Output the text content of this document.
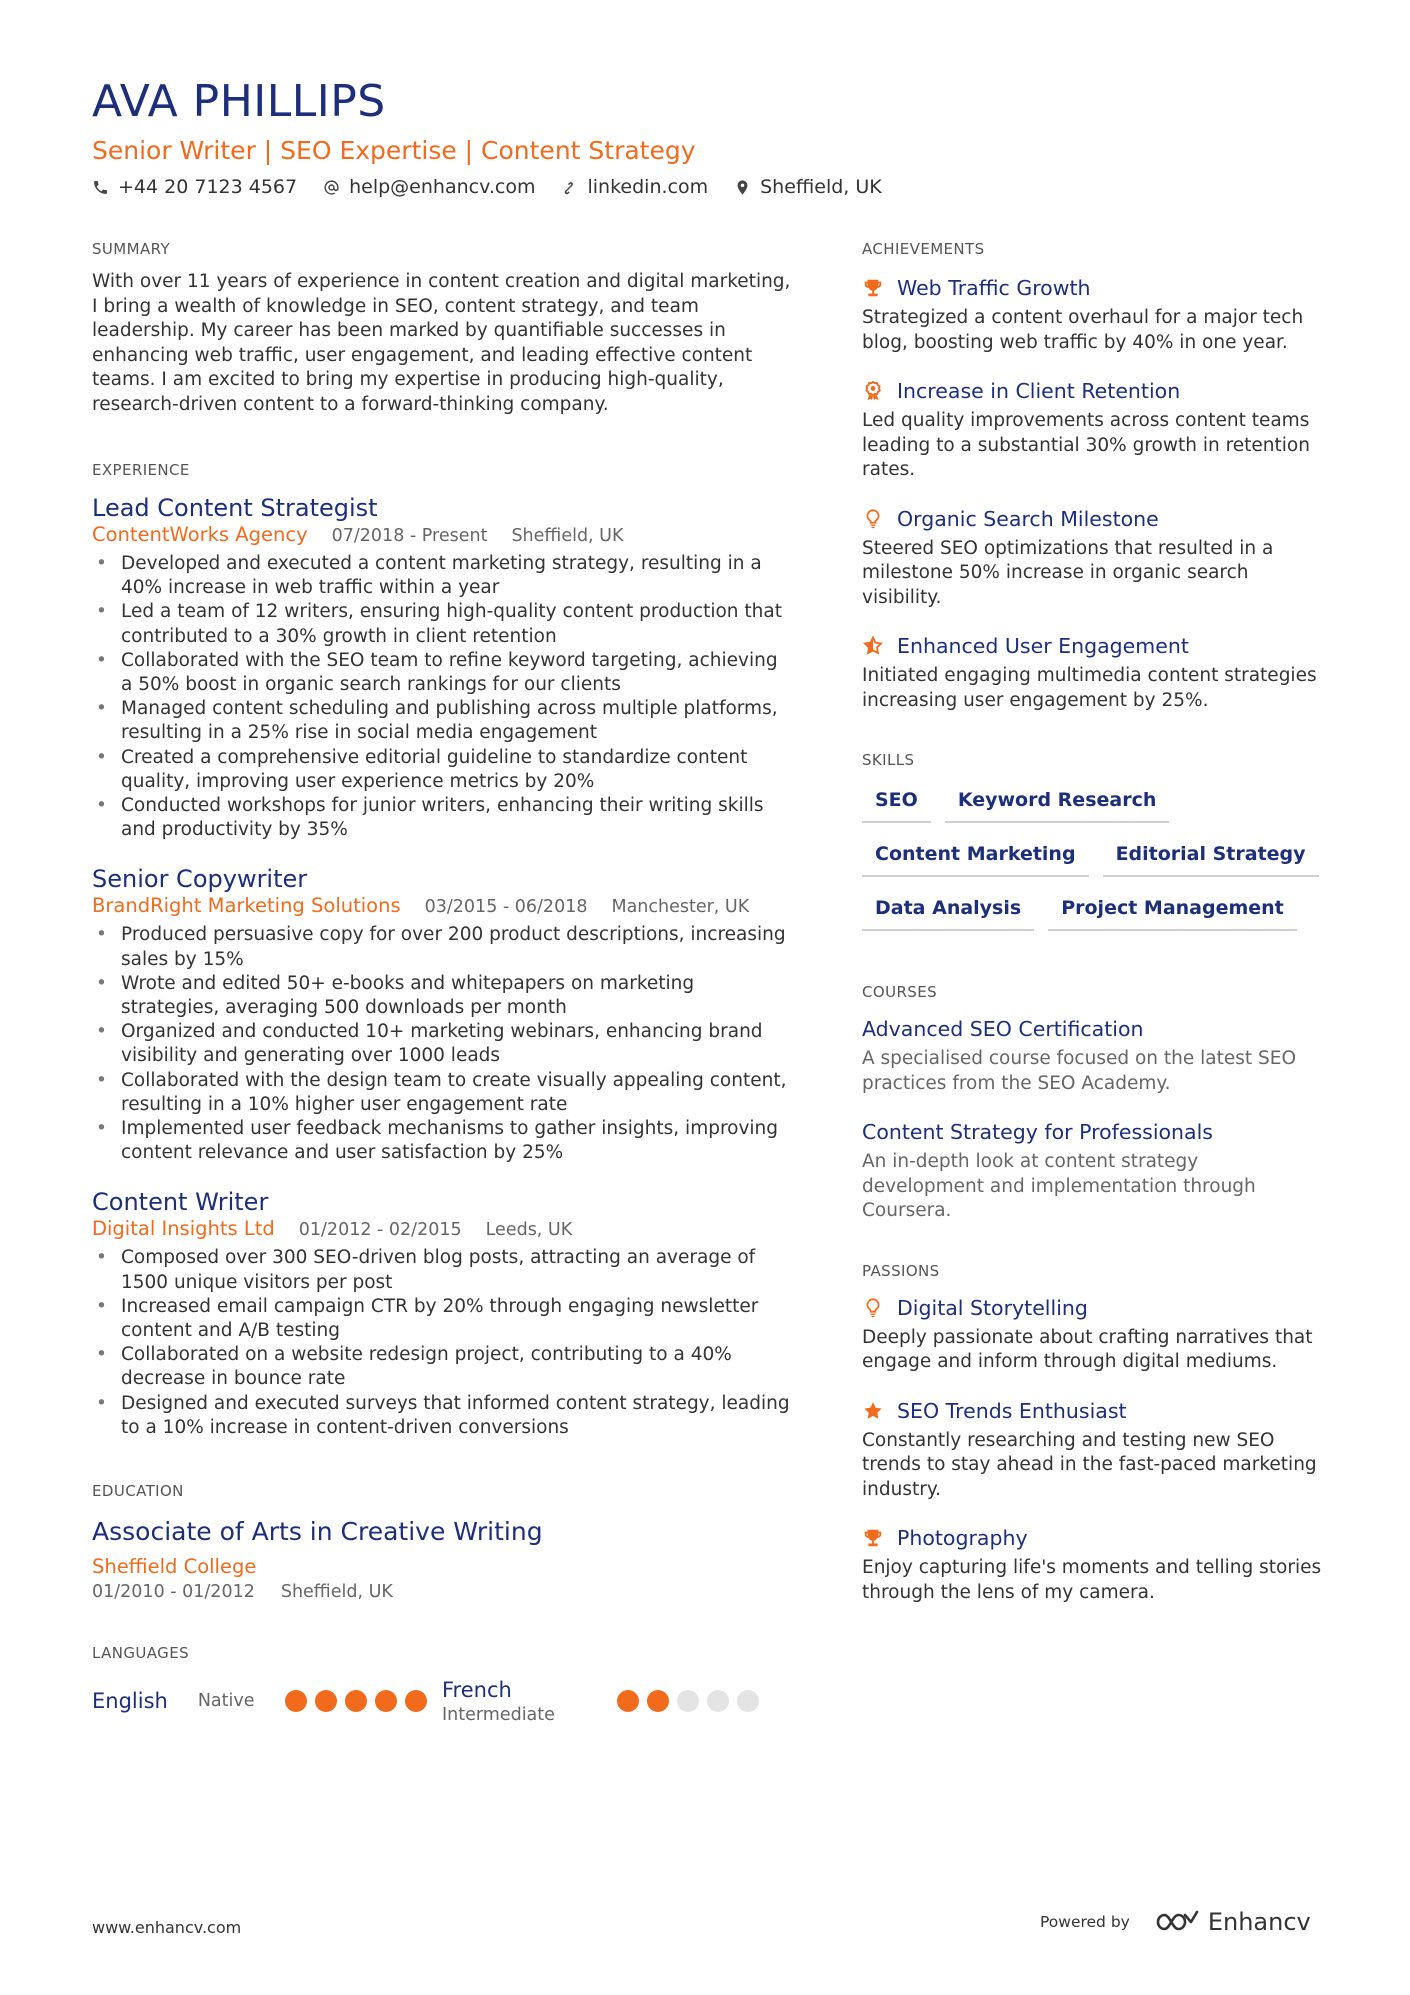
AVA PHILLIPS
Senior Writer | SEO Expertise | Content Strategy
+44 20 7123 4567	help@enhancv.com	linkedin.com	Sheffield, UK
SUMMARY

With over 11 years of experience in content creation and digital marketing, I bring a wealth of knowledge in SEO, content strategy, and team leadership. My career has been marked by quantifiable successes in enhancing web traffic, user engagement, and leading effective content teams. I am excited to bring my expertise in producing high-quality, research-driven content to a forward-thinking company.

EXPERIENCE
Lead Content Strategist
ContentWorks Agency 07/2018 - Present Sheffield, UK
• Developed and executed a content marketing strategy, resulting in a 40% increase in web traffic within a year
• Led a team of 12 writers, ensuring high-quality content production that contributed to a 30% growth in client retention
• Collaborated with the SEO team to refine keyword targeting, achieving a 50% boost in organic search rankings for our clients
• Managed content scheduling and publishing across multiple platforms, resulting in a 25% rise in social media engagement
• Created a comprehensive editorial guideline to standardize content quality, improving user experience metrics by 20%
• Conducted workshops for junior writers, enhancing their writing skills and productivity by 35%
Senior Copywriter
BrandRight Marketing Solutions 03/2015 - 06/2018 Manchester, UK
• Produced persuasive copy for over 200 product descriptions, increasing sales by 15%
• Wrote and edited 50+ e-books and whitepapers on marketing strategies, averaging 500 downloads per month
• Organized and conducted 10+ marketing webinars, enhancing brand visibility and generating over 1000 leads
• Collaborated with the design team to create visually appealing content, resulting in a 10% higher user engagement rate
• Implemented user feedback mechanisms to gather insights, improving content relevance and user satisfaction by 25%
Content Writer
Digital Insights Ltd 01/2012 - 02/2015 Leeds, UK
• Composed over 300 SEO-driven blog posts, attracting an average of 1500 unique visitors per post
• Increased email campaign CTR by 20% through engaging newsletter content and A/B testing
• Collaborated on a website redesign project, contributing to a 40% decrease in bounce rate
• Designed and executed surveys that informed content strategy, leading to a 10% increase in content-driven conversions
EDUCATION
Associate of Arts in Creative Writing
Sheffield College
01/2010 - 01/2012 Sheffield, UK
LANGUAGES
English Native	French
Intermediate
ACHIEVEMENTS
Web Traffic Growth

Strategized a content overhaul for a major tech blog, boosting web traffic by 40% in one year.

Increase in Client Retention

Led quality improvements across content teams leading to a substantial 30% growth in retention rates.

Organic Search Milestone

Steered SEO optimizations that resulted in a milestone 50% increase in organic search visibility.

Enhanced User Engagement

Initiated engaging multimedia content strategies increasing user engagement by 25%.

SKILLS
SEO	Keyword Research
Content Marketing	Editorial Strategy
Data Analysis	Project Management
COURSES
Advanced SEO Certification

A specialised course focused on the latest SEO practices from the SEO Academy.

Content Strategy for Professionals

An in-depth look at content strategy development and implementation through Coursera.

PASSIONS
Digital Storytelling

Deeply passionate about crafting narratives that engage and inform through digital mediums.

SEO Trends Enthusiast

Constantly researching and testing new SEO trends to stay ahead in the fast-paced marketing industry.

Photography

Enjoy capturing life's moments and telling stories through the lens of my camera.

www.enhancv.com	Powered by	Enhancv
